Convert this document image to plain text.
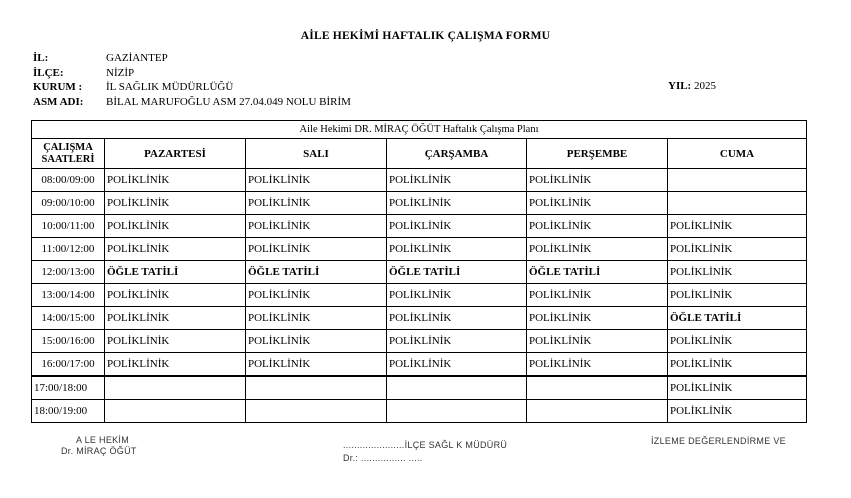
AİLE HEKİMİ HAFTALIK ÇALIŞMA FORMU
İL:	GAZİANTEP
İLÇE:	NİZİP
KURUM :	İL SAĞLIK MÜDÜRLÜĞÜ
ASM ADI:	BİLAL MARUFOĞLU ASM 27.04.049 NOLU BİRİM
YIL: 2025
Aile Hekimi DR. MİRAÇ ÖĞÜT Haftalık Çalışma Planı					
ÇALIŞMA
SAATLERİ	PAZARTESİ	SALI	ÇARŞAMBA	PERŞEMBE	CUMA
08:00/09:00	POLİKLİNİK	POLİKLİNİK	POLİKLİNİK	POLİKLİNİK	
09:00/10:00	POLİKLİNİK	POLİKLİNİK	POLİKLİNİK	POLİKLİNİK	
10:00/11:00	POLİKLİNİK	POLİKLİNİK	POLİKLİNİK	POLİKLİNİK	POLİKLİNİK
11:00/12:00	POLİKLİNİK	POLİKLİNİK	POLİKLİNİK	POLİKLİNİK	POLİKLİNİK
12:00/13:00	ÖĞLE TATİLİ	ÖĞLE TATİLİ	ÖĞLE TATİLİ	ÖĞLE TATİLİ	POLİKLİNİK
13:00/14:00	POLİKLİNİK	POLİKLİNİK	POLİKLİNİK	POLİKLİNİK	POLİKLİNİK
14:00/15:00	POLİKLİNİK	POLİKLİNİK	POLİKLİNİK	POLİKLİNİK	ÖĞLE TATİLİ
15:00/16:00	POLİKLİNİK	POLİKLİNİK	POLİKLİNİK	POLİKLİNİK	POLİKLİNİK
16:00/17:00	POLİKLİNİK	POLİKLİNİK	POLİKLİNİK	POLİKLİNİK	POLİKLİNİK
17:00/18:00					POLİKLİNİK
18:00/19:00					POLİKLİNİK
A LE HEKİM
Dr. MİRAÇ ÖĞÜT
......................İLÇE SAĞL K MÜDÜRÜ
Dr.: ................ .....
İZLEME DEĞERLENDİRME VE
